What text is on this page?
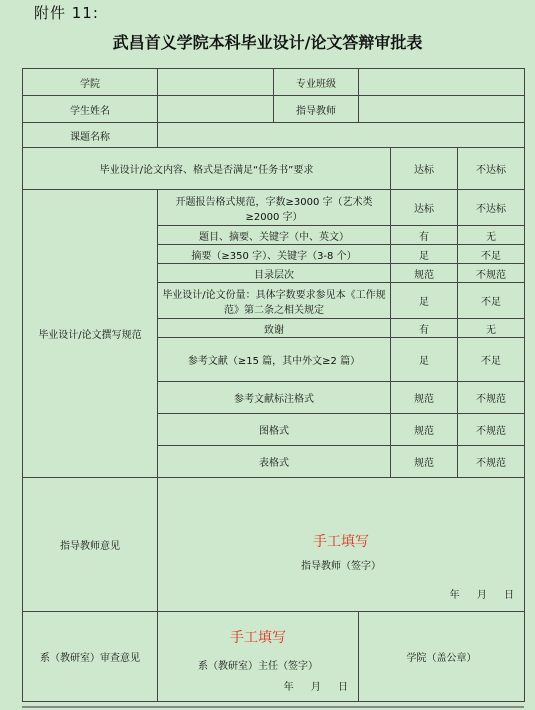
附件 11:
武昌首义学院本科毕业设计/论文答辩审批表
学院		专业班级			
学生姓名		指导教师			
课题名称					
毕业设计/论文内容、格式是否满足“任务书”要求				达标	不达标
毕业设计/论文撰写规范	开题报告格式规范，字数≥3000 字（艺术类≥2000 字）			达标	不达标
	题目、摘要、关键字（中、英文）			有	无
	摘要（≥350 字）、关键字（3-8 个）			足	不足
	目录层次			规范	不规范
	毕业设计/论文份量：具体字数要求参见本《工作规范》第二条之相关规定			足	不足
	致谢			有	无
	参考文献（≥15 篇，其中外文≥2 篇）			足	不足
	参考文献标注格式			规范	不规范
	图格式			规范	不规范
	表格式			规范	不规范
指导教师意见	手工填写
指导教师（签字）
年 月 日				

系（教研室）审查意见	手工填写
系（教研室）主任（签字）
年 月 日		学院（盖公章）		
